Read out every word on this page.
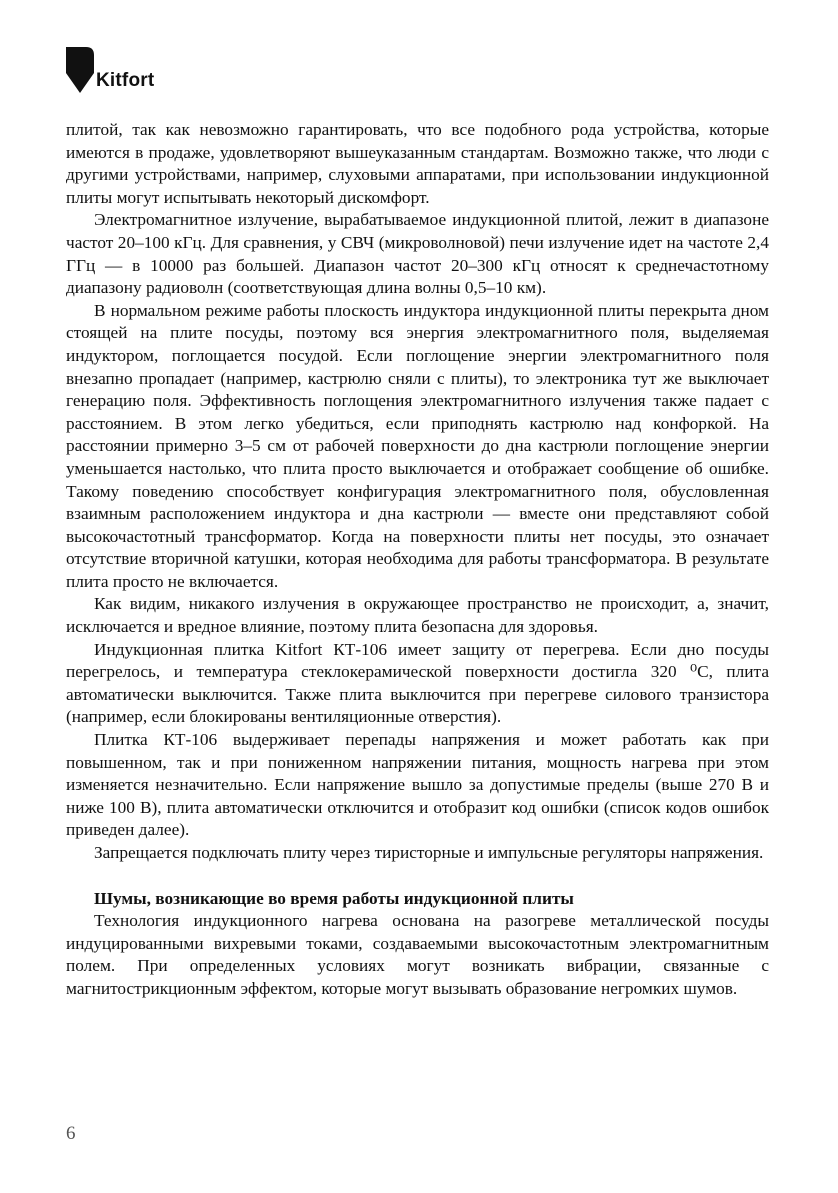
Kitfort

плитой, так как невозможно гарантировать, что все подобного рода устройства, которые имеются в продаже, удовлетворяют вышеуказанным стандартам. Возможно также, что люди с другими устройствами, например, слуховыми аппаратами, при использовании индукционной плиты могут испытывать некоторый дискомфорт.

Электромагнитное излучение, вырабатываемое индукционной плитой, лежит в диапазоне частот 20–100 кГц. Для сравнения, у СВЧ (микроволновой) печи излучение идет на частоте 2,4 ГГц — в 10000 раз большей. Диапазон частот 20–300 кГц относят к среднечастотному диапазону радиоволн (соответствующая длина волны 0,5–10 км).

В нормальном режиме работы плоскость индуктора индукционной плиты перекрыта дном стоящей на плите посуды, поэтому вся энергия электромагнитного поля, выделяемая индуктором, поглощается посудой. Если поглощение энергии электромагнитного поля внезапно пропадает (например, кастрюлю сняли с плиты), то электроника тут же выключает генерацию поля. Эффективность поглощения электромагнитного излучения также падает с расстоянием. В этом легко убедиться, если приподнять кастрюлю над конфоркой. На расстоянии примерно 3–5 см от рабочей поверхности до дна кастрюли поглощение энергии уменьшается настолько, что плита просто выключается и отображает сообщение об ошибке. Такому поведению способствует конфигурация электромагнитного поля, обусловленная взаимным расположением индуктора и дна кастрюли — вместе они представляют собой высокочастотный трансформатор. Когда на поверхности плиты нет посуды, это означает отсутствие вторичной катушки, которая необходима для работы трансформатора. В результате плита просто не включается.

Как видим, никакого излучения в окружающее пространство не происходит, а, значит, исключается и вредное влияние, поэтому плита безопасна для здоровья.

Индукционная плитка Kitfort КТ-106 имеет защиту от перегрева. Если дно посуды перегрелось, и температура стеклокерамической поверхности достигла 320 ⁰С, плита автоматически выключится. Также плита выключится при перегреве силового транзистора (например, если блокированы вентиляционные отверстия).

Плитка КТ-106 выдерживает перепады напряжения и может работать как при повышенном, так и при пониженном напряжении питания, мощность нагрева при этом изменяется незначительно. Если напряжение вышло за допустимые пределы (выше 270 В и ниже 100 В), плита автоматически отключится и отобразит код ошибки (список кодов ошибок приведен далее).

Запрещается подключать плиту через тиристорные и импульсные регуляторы напряжения.

Шумы, возникающие во время работы индукционной плиты

Технология индукционного нагрева основана на разогреве металлической посуды индуцированными вихревыми токами, создаваемыми высокочастотным электромагнитным полем. При определенных условиях могут возникать вибрации, связанные с магнитострикционным эффектом, которые могут вызывать образование негромких шумов.

6
